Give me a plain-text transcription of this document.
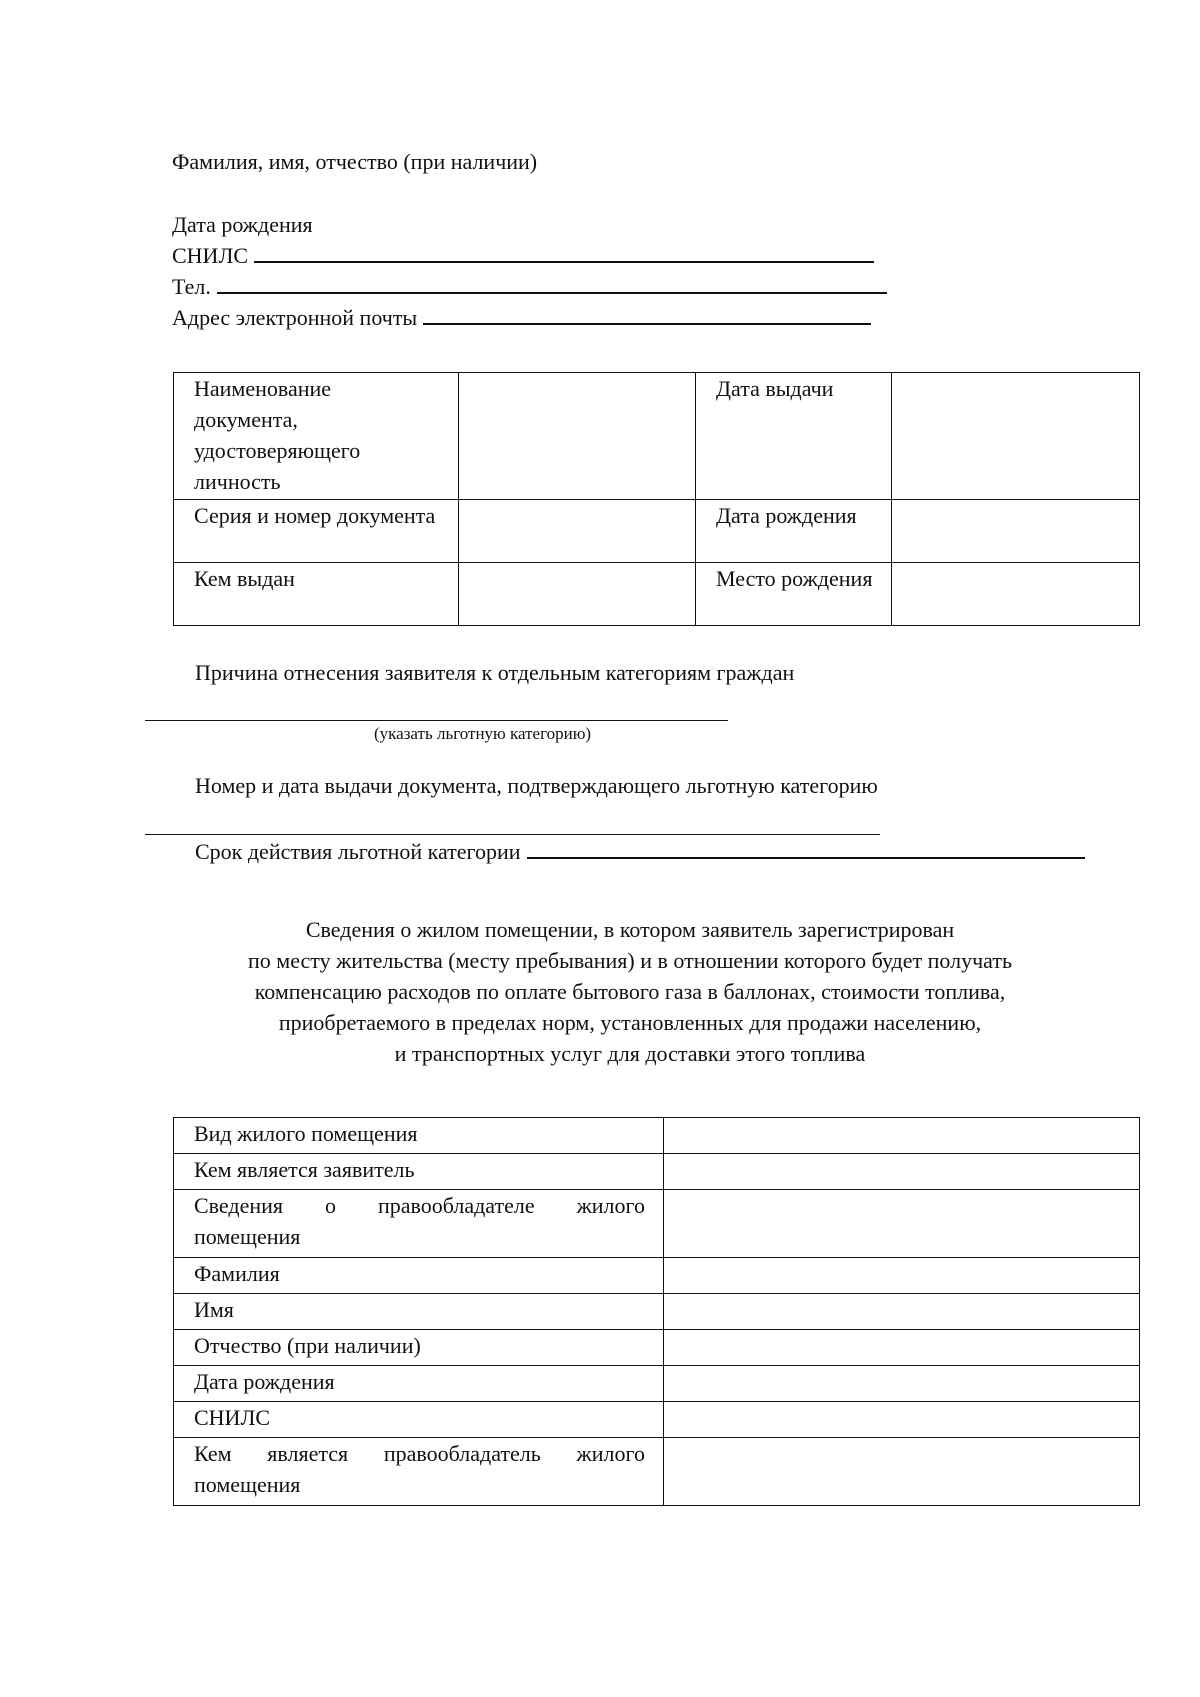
Фамилия, имя, отчество (при наличии)
Дата рождения
СНИЛС
Тел.
Адрес электронной почты
Наименование документа, удостоверяющего личность		Дата выдачи	
Серия и номер документа		Дата рождения	
Кем выдан		Место рождения	
Причина отнесения заявителя к отдельным категориям граждан
(указать льготную категорию)
Номер и дата выдачи документа, подтверждающего льготную категорию
Срок действия льготной категории
Сведения о жилом помещении, в котором заявитель зарегистрирован
по месту жительства (месту пребывания) и в отношении которого будет получать
компенсацию расходов по оплате бытового газа в баллонах, стоимости топлива,
приобретаемого в пределах норм, установленных для продажи населению,
и транспортных услуг для доставки этого топлива
Вид жилого помещения	
Кем является заявитель	
Сведения о правообладателе жилого помещения	
Фамилия	
Имя	
Отчество (при наличии)	
Дата рождения	
СНИЛС	
Кем является правообладатель жилого помещения	
